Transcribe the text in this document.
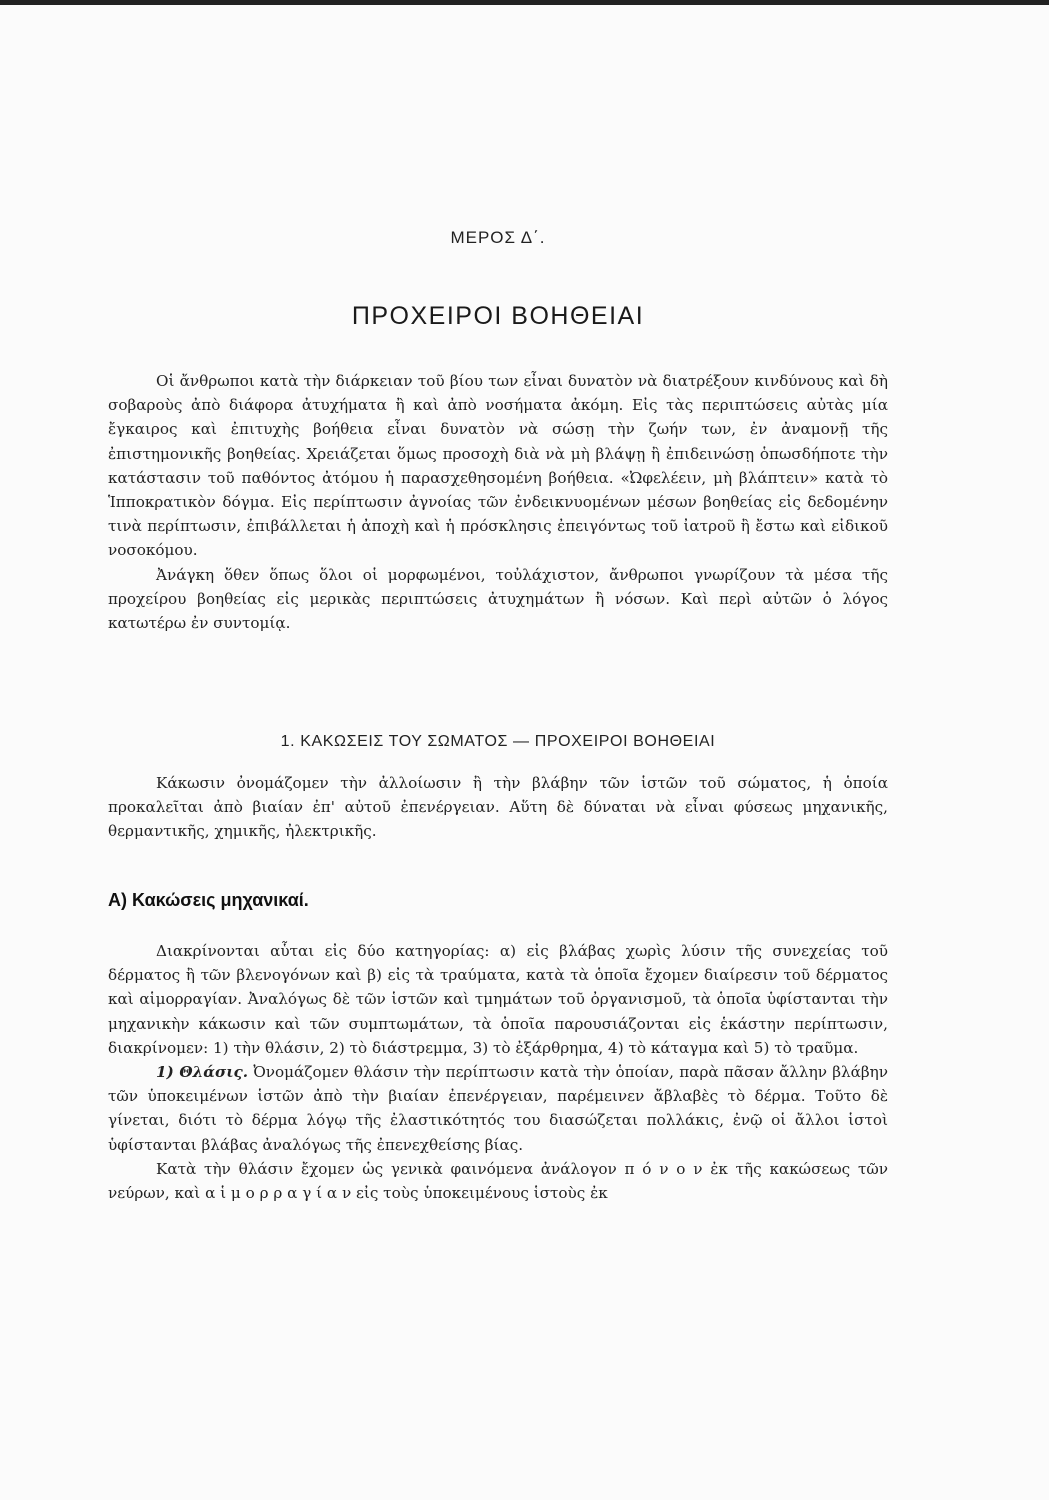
ΜΕΡΟΣ Δ΄.
ΠΡΟΧΕΙΡΟΙ ΒΟΗΘΕΙΑΙ

Οἱ ἄνθρωποι κατὰ τὴν διάρκειαν τοῦ βίου των εἶναι δυνατὸν νὰ διατρέξουν κινδύνους καὶ δὴ σοβαροὺς ἀπὸ διάφορα ἀτυχήματα ἢ καὶ ἀπὸ νοσήματα ἀκόμη. Εἰς τὰς περιπτώσεις αὐτὰς μία ἔγκαιρος καὶ ἐπιτυχὴς βοήθεια εἶναι δυνατὸν νὰ σώσῃ τὴν ζωήν των, ἐν ἀναμονῇ τῆς ἐπιστημονικῆς βοηθείας. Χρειάζεται ὅμως προσοχὴ διὰ νὰ μὴ βλάψῃ ἢ ἐπιδεινώσῃ ὁπωσδήποτε τὴν κατάστασιν τοῦ παθόντος ἀτόμου ἡ παρασχεθησομένη βοήθεια. «Ὠφελέειν, μὴ βλάπτειν» κατὰ τὸ Ἱπποκρατικὸν δόγμα. Εἰς περίπτωσιν ἀγνοίας τῶν ἐνδεικνυομένων μέσων βοηθείας εἰς δεδομένην τινὰ περίπτωσιν, ἐπιβάλλεται ἡ ἀποχὴ καὶ ἡ πρόσκλησις ἐπειγόντως τοῦ ἰατροῦ ἢ ἔστω καὶ εἰδικοῦ νοσοκόμου.

Ἀνάγκη ὅθεν ὅπως ὅλοι οἱ μορφωμένοι, τοὐλάχιστον, ἄνθρωποι γνωρίζουν τὰ μέσα τῆς προχείρου βοηθείας εἰς μερικὰς περιπτώσεις ἀτυχημάτων ἢ νόσων. Καὶ περὶ αὐτῶν ὁ λόγος κατωτέρω ἐν συντομίᾳ.

1. ΚΑΚΩΣΕΙΣ ΤΟΥ ΣΩΜΑΤΟΣ — ΠΡΟΧΕΙΡΟΙ ΒΟΗΘΕΙΑΙ

Κάκωσιν ὀνομάζομεν τὴν ἀλλοίωσιν ἢ τὴν βλάβην τῶν ἱστῶν τοῦ σώματος, ἡ ὁποία προκαλεῖται ἀπὸ βιαίαν ἐπ' αὐτοῦ ἐπενέργειαν. Αὕτη δὲ δύναται νὰ εἶναι φύσεως μηχανικῆς, θερμαντικῆς, χημικῆς, ἠλεκτρικῆς.

Α) Κακώσεις μηχανικαί.

Διακρίνονται αὗται εἰς δύο κατηγορίας: α) εἰς βλάβας χωρὶς λύσιν τῆς συνεχείας τοῦ δέρματος ἢ τῶν βλενογόνων καὶ β) εἰς τὰ τραύματα, κατὰ τὰ ὁποῖα ἔχομεν διαίρεσιν τοῦ δέρματος καὶ αἱμορραγίαν. Ἀναλόγως δὲ τῶν ἱστῶν καὶ τμημάτων τοῦ ὀργανισμοῦ, τὰ ὁποῖα ὑφίστανται τὴν μηχανικὴν κάκωσιν καὶ τῶν συμπτωμάτων, τὰ ὁποῖα παρουσιάζονται εἰς ἑκάστην περίπτωσιν, διακρίνομεν: 1) τὴν θλάσιν, 2) τὸ διάστρεμμα, 3) τὸ ἐξάρθρημα, 4) τὸ κάταγμα καὶ 5) τὸ τραῦμα.

1) Θλάσις. Ὀνομάζομεν θλάσιν τὴν περίπτωσιν κατὰ τὴν ὁποίαν, παρὰ πᾶσαν ἄλλην βλάβην τῶν ὑποκειμένων ἱστῶν ἀπὸ τὴν βιαίαν ἐπενέργειαν, παρέμεινεν ἄβλαβὲς τὸ δέρμα. Τοῦτο δὲ γίνεται, διότι τὸ δέρμα λόγῳ τῆς ἐλαστικότητός του διασώζεται πολλάκις, ἐνῷ οἱ ἄλλοι ἱστοὶ ὑφίστανται βλάβας ἀναλόγως τῆς ἐπενεχθείσης βίας.

Κατὰ τὴν θλάσιν ἔχομεν ὡς γενικὰ φαινόμενα ἀνάλογον π ό ν ο ν ἐκ τῆς κακώσεως τῶν νεύρων, καὶ α ἱ μ ο ρ ρ α γ ί α ν εἰς τοὺς ὑποκειμένους ἱστοὺς ἐκ
